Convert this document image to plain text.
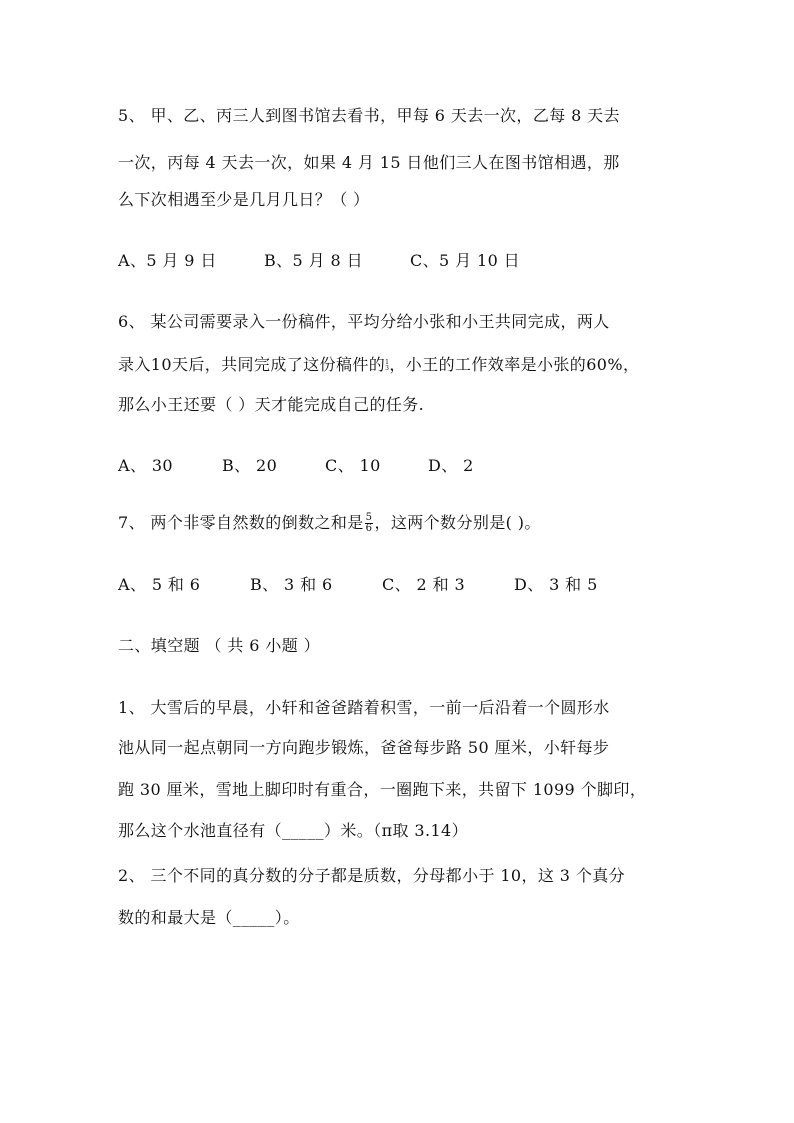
5、 甲、乙、丙三人到图书馆去看书，甲每 6 天去一次，乙每 8 天去
一次，丙每 4 天去一次，如果 4 月 15 日他们三人在图书馆相遇，那
么下次相遇至少是几月几日？（ ）
A、5 月 9 日	B、5 月 8 日	C、5 月 10 日
6、 某公司需要录入一份稿件，平均分给小张和小王共同完成，两人
录入10天后，共同完成了这份稿件的 1
3 ，小王的工作效率是小张的60%，
那么小王还要（ ）天才能完成自己的任务.
A、 30	B、 20	C、 10	D、 2
7、 两个非零自然数的倒数之和是 $\frac{5}{6}$ ，这两个数分别是( )。
A、 5 和 6	B、 3 和 6	C、 2 和 3	D、 3 和 5
二、填空题 （ 共 6 小题 ）
1、 大雪后的早晨，小轩和爸爸踏着积雪，一前一后沿着一个圆形水
池从同一起点朝同一方向跑步锻炼，爸爸每步路 50 厘米，小轩每步
跑 30 厘米，雪地上脚印时有重合，一圈跑下来，共留下 1099 个脚印，
那么这个水池直径有（_____）米。（π取 3.14）
2、 三个不同的真分数的分子都是质数，分母都小于 10，这 3 个真分
数的和最大是（_____）。
